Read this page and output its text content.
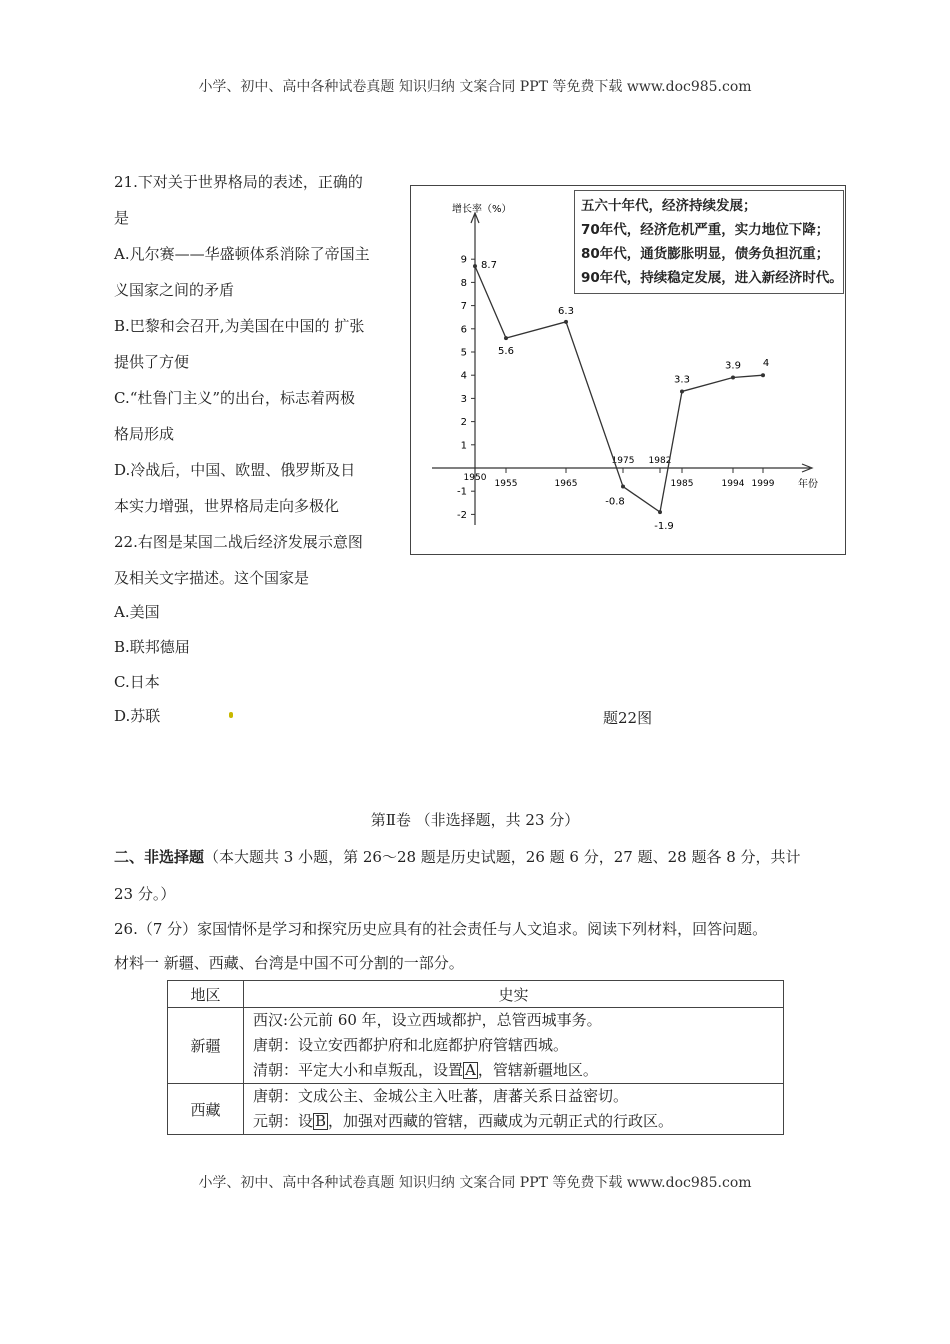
小学、初中、高中各种试卷真题 知识归纳 文案合同 PPT 等免费下载 www.doc985.com
21.下对关于世界格局的表述，正确的
是
A.凡尔赛——华盛顿体系消除了帝国主
义国家之间的矛盾
B.巴黎和会召开,为美国在中国的 扩张
提供了方便
C.“杜鲁门主义”的出台，标志着两极
格局形成
D.冷战后，中国、欧盟、俄罗斯及日
本实力增强，世界格局走向多极化
22.右图是某国二战后经济发展示意图
及相关文字描述。这个国家是
A.美国
B.联邦德届
C.日本
D.苏联
增长率（%）
年份
9
8
7
6
5
4
3
2
1
-1
-2
1950
1955	1965
1975 1982
1985	1994 1999
8.7
5.6
6.3
-0.8
-1.9
3.3
3.9 4
五六十年代，经济持续发展；
70年代，经济危机严重，实力地位下降；
80年代，通货膨胀明显，债务负担沉重；
90年代，持续稳定发展，进入新经济时代。
题22图
第Ⅱ卷 （非选择题，共 23 分）
二、非选择题（本大题共 3 小题，第 26～28 题是历史试题，26 题 6 分，27 题、28 题各 8 分，共计
23 分。）
26.（7 分）家国情怀是学习和探究历史应具有的社会责任与人文追求。阅读下列材料，回答问题。
材料一 新疆、西藏、台湾是中国不可分割的一部分。
地区	史实
新疆	西汉:公元前 60 年，设立西域都护，总管西城事务。
唐朝：设立安西都护府和北庭都护府管辖西城。
清朝：平定大小和卓叛乱，设置 A ，管辖新疆地区。

西藏	唐朝：文成公主、金城公主入吐蕃，唐蕃关系日益密切。
元朝：设 B ，加强对西藏的管辖，西藏成为元朝正式的行政区。
小学、初中、高中各种试卷真题 知识归纳 文案合同 PPT 等免费下载 www.doc985.com
